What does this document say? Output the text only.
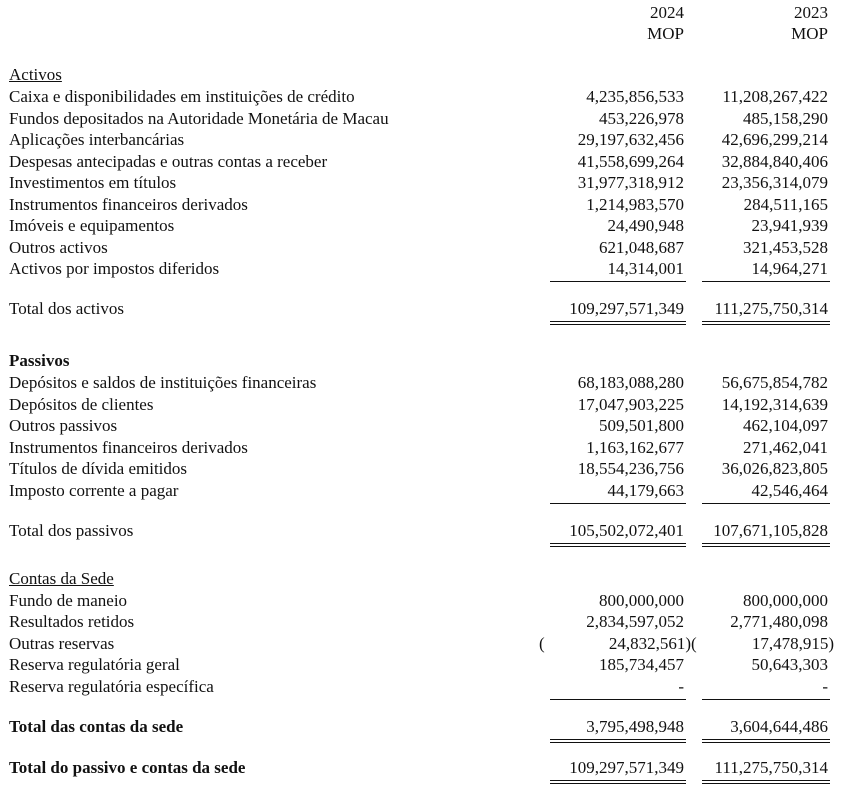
2024	2023
MOP	MOP
Activos
Caixa e disponibilidades em instituições de crédito	4,235,856,533 11,208,267,422
Fundos depositados na Autoridade Monetária de Macau	453,226,978	485,158,290
Aplicações interbancárias	29,197,632,456 42,696,299,214
Despesas antecipadas e outras contas a receber	41,558,699,264 32,884,840,406
Investimentos em títulos	31,977,318,912 23,356,314,079
Instrumentos financeiros derivados	1,214,983,570	284,511,165
Imóveis e equipamentos	24,490,948	23,941,939
Outros activos	621,048,687	321,453,528
Activos por impostos diferidos	14,314,001	14,964,271
Total dos activos	109,297,571,349 111,275,750,314
Passivos
Depósitos e saldos de instituições financeiras	68,183,088,280 56,675,854,782
Depósitos de clientes	17,047,903,225 14,192,314,639
Outros passivos	509,501,800	462,104,097
Instrumentos financeiros derivados	1,163,162,677	271,462,041
Títulos de dívida emitidos	18,554,236,756 36,026,823,805
Imposto corrente a pagar	44,179,663	42,546,464
Total dos passivos	105,502,072,401 107,671,105,828
Contas da Sede
Fundo de maneio	800,000,000	800,000,000
Resultados retidos	2,834,597,052	2,771,480,098
Outras reservas	(	24,832,561) (	17,478,915)
Reserva regulatória geral	185,734,457	50,643,303
Reserva regulatória específica	-	-
Total das contas da sede	3,795,498,948	3,604,644,486
Total do passivo e contas da sede	109,297,571,349 111,275,750,314
